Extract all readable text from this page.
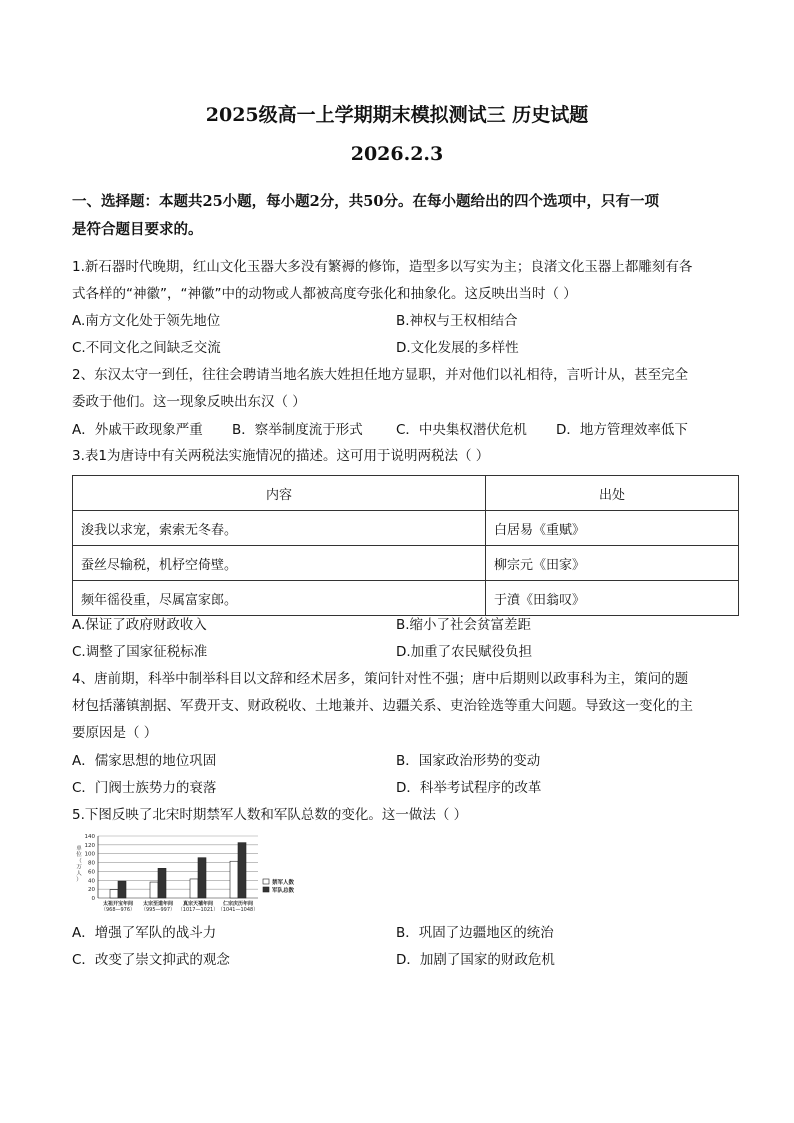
2025级高一上学期期末模拟测试三 历史试题
2026.2.3
一、选择题：本题共25小题，每小题2分，共50分。在每小题给出的四个选项中，只有一项
是符合题目要求的。
1.新石器时代晚期，红山文化玉器大多没有繁褥的修饰，造型多以写实为主；良渚文化玉器上都雕刻有各
式各样的“神徽”，“神徽”中的动物或人都被高度夸张化和抽象化。这反映出当时（ ）
A.南方文化处于领先地位	B.神权与王权相结合
C.不同文化之间缺乏交流	D.文化发展的多样性
2、东汉太守一到任，往往会聘请当地名族大姓担任地方显职，并对他们以礼相待，言听计从，甚至完全
委政于他们。这一现象反映出东汉（ ）
A．外戚干政现象严重 B．察举制度流于形式 C．中央集权潜伏危机 D．地方管理效率低下
3.表1为唐诗中有关两税法实施情况的描述。这可用于说明两税法（ ）
内容	出处
浚我以求宠，索索无冬春。	白居易《重赋》
蚕丝尽输税，机杼空倚壁。	柳宗元《田家》
频年徭役重，尽属富家郎。	于濆《田翁叹》
A.保证了政府财政收入	B.缩小了社会贫富差距
C.调整了国家征税标准	D.加重了农民赋役负担
4、唐前期，科举中制举科目以文辞和经术居多，策问针对性不强；唐中后期则以政事科为主，策问的题
材包括藩镇割据、军费开支、财政税收、土地兼并、边疆关系、吏治铨选等重大问题。导致这一变化的主
要原因是（ ）
A．儒家思想的地位巩固	B．国家政治形势的变动
C．门阀士族势力的衰落	D．科举考试程序的改革
5.下图反映了北宋时期禁军人数和军队总数的变化。这一做法（ ）
0
20
40
60
80
100
120
140
单
位
（
万
人
）
太祖开宝年间
（968—976）
太宗至道年间
（995—997）
真宗天禧年间
（1017—1021）
仁宗庆历年间
（1041—1048）
禁军人数
军队总数
A．增强了军队的战斗力	B．巩固了边疆地区的统治
C．改变了崇文抑武的观念	D．加剧了国家的财政危机
